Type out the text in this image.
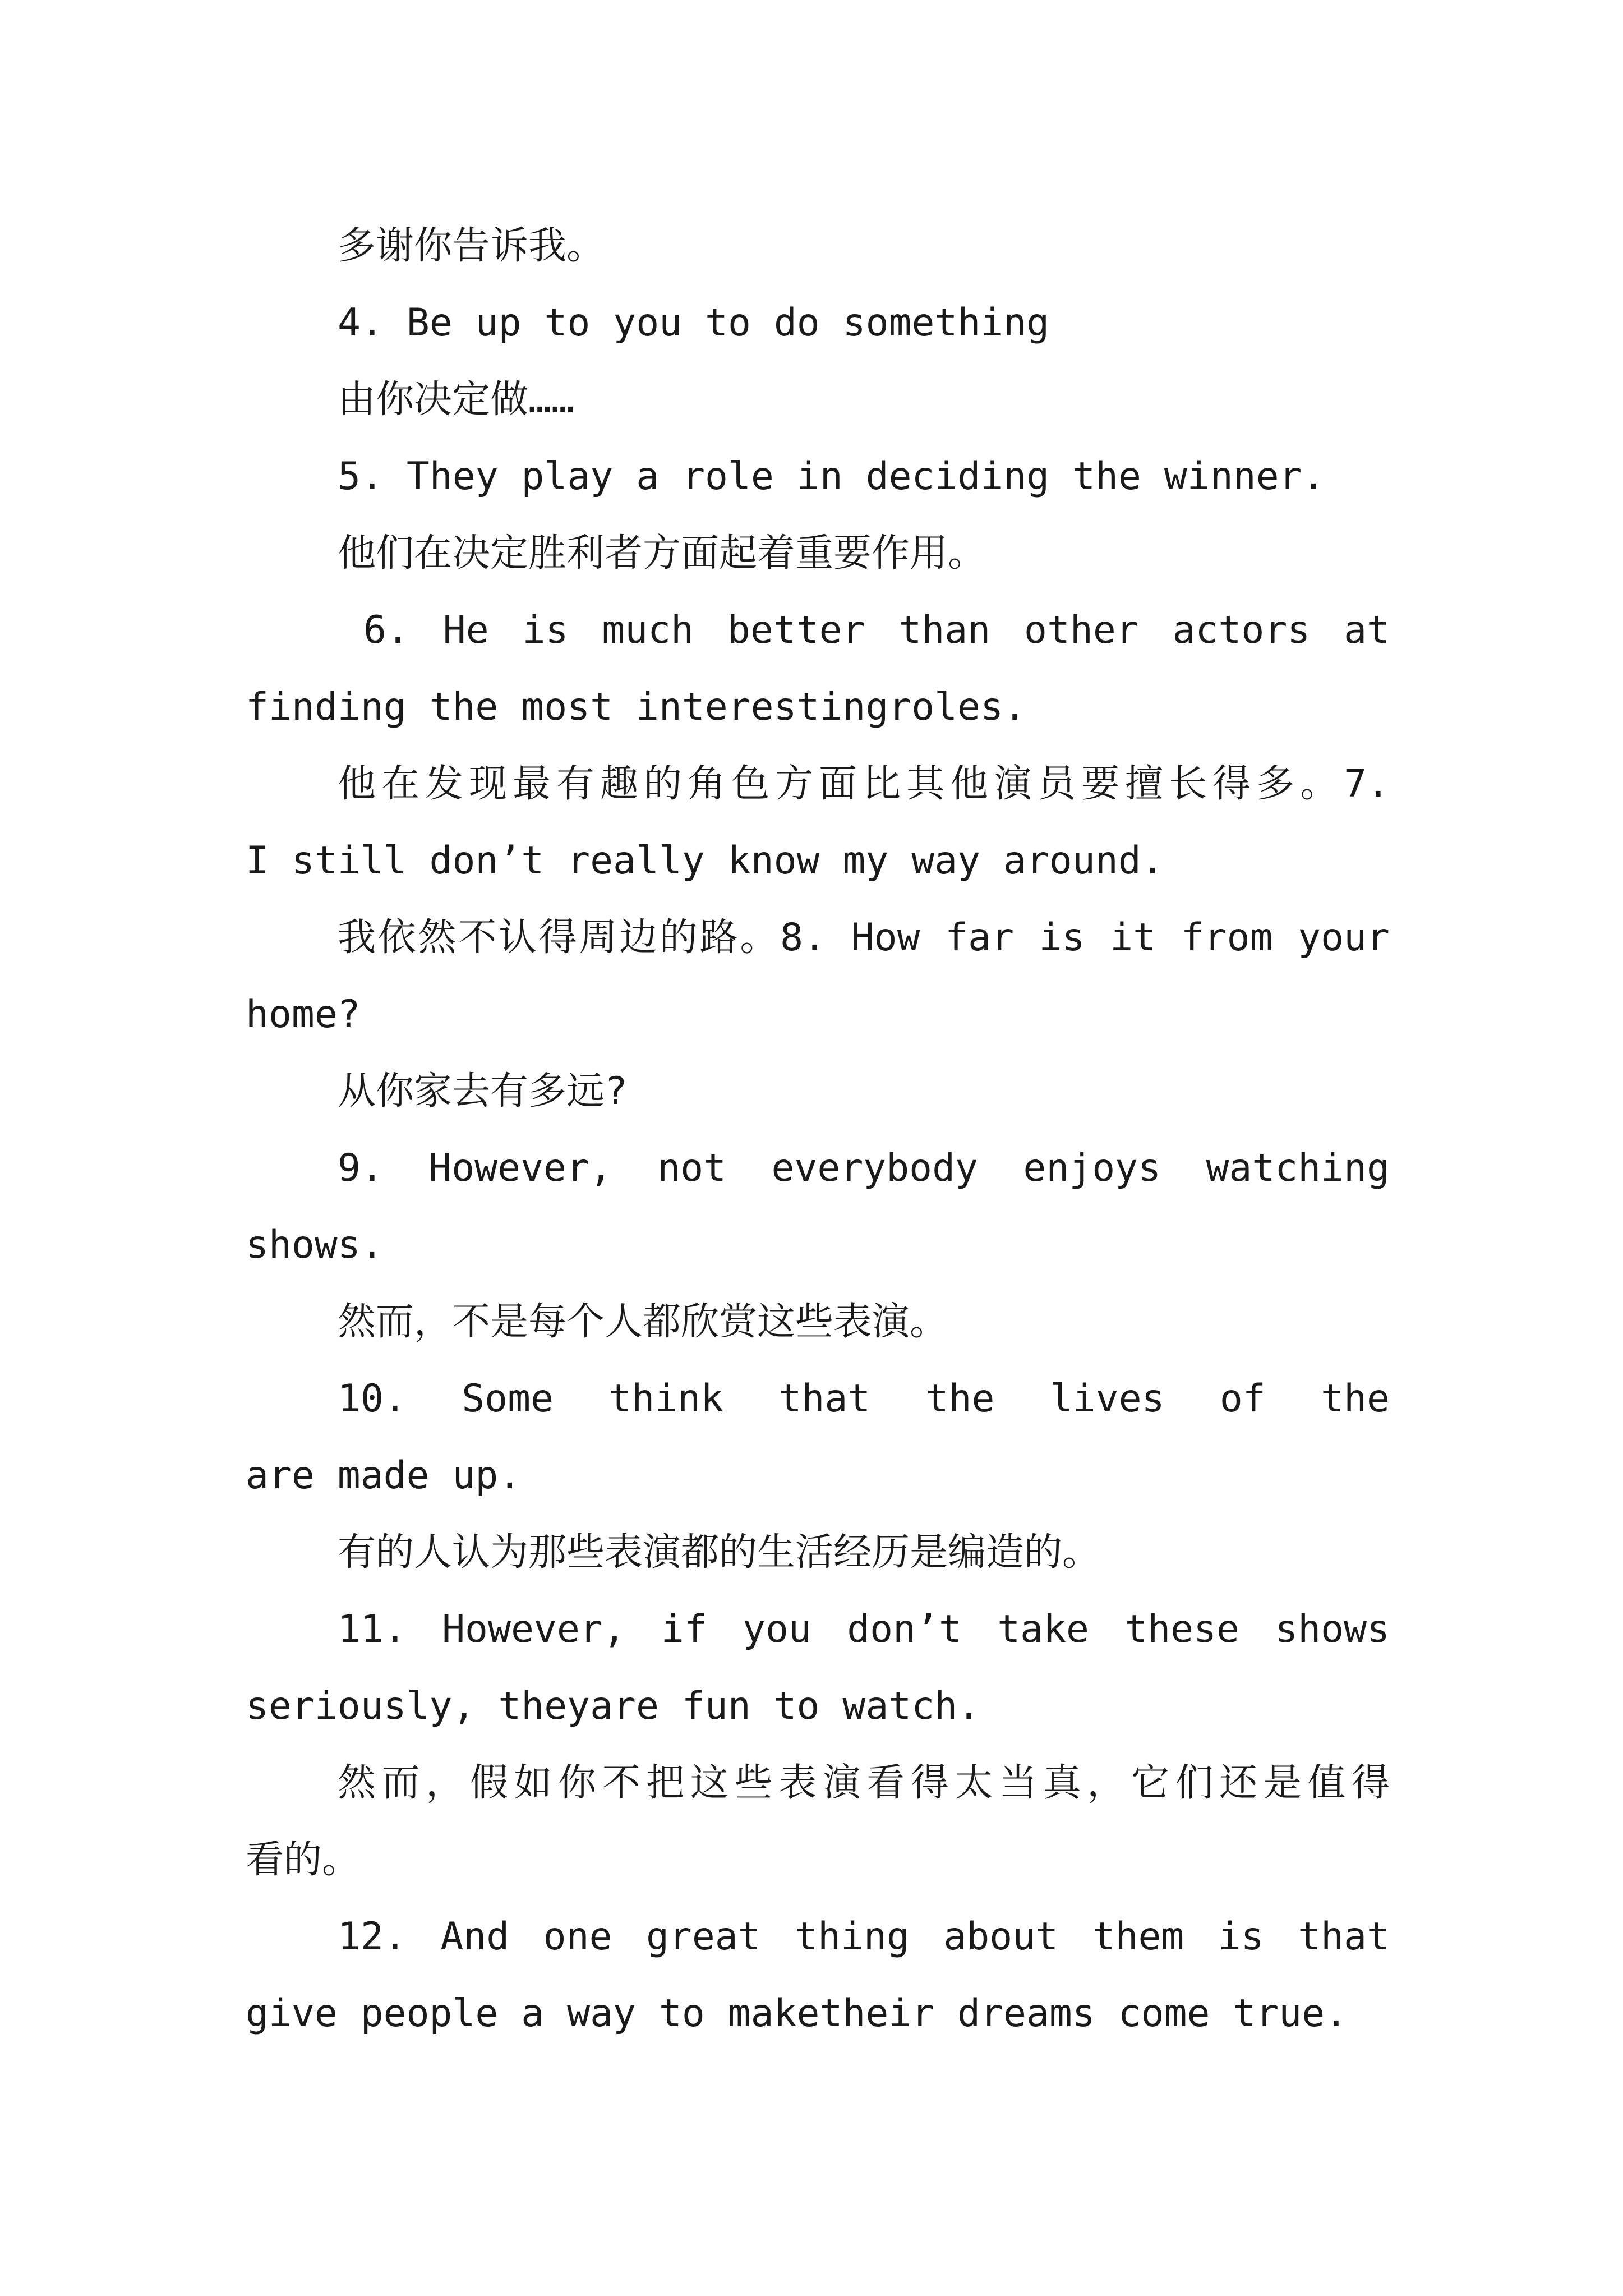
多谢你告诉我。
4. Be up to you to do something
由你决定做……
5. They play a role in deciding the winner.
他们在决定胜利者方面起着重要作用。
6. He is much better than other actors at
finding the most interestingroles.
他在发现最有趣的角色方面比其他演员要擅长得多。7.
I still don’t really know my way around.
我依然不认得周边的路。8. How far is it from your
home?
从你家去有多远?
9. However, not everybody enjoys watching
shows.
然而，不是每个人都欣赏这些表演。
10. Some think that the lives of the
are made up.
有的人认为那些表演都的生活经历是编造的。
11. However, if you don’t take these shows
seriously, theyare fun to watch.
然而，假如你不把这些表演看得太当真，它们还是值得
看的。
12. And one great thing about them is that
give people a way to maketheir dreams come true.
